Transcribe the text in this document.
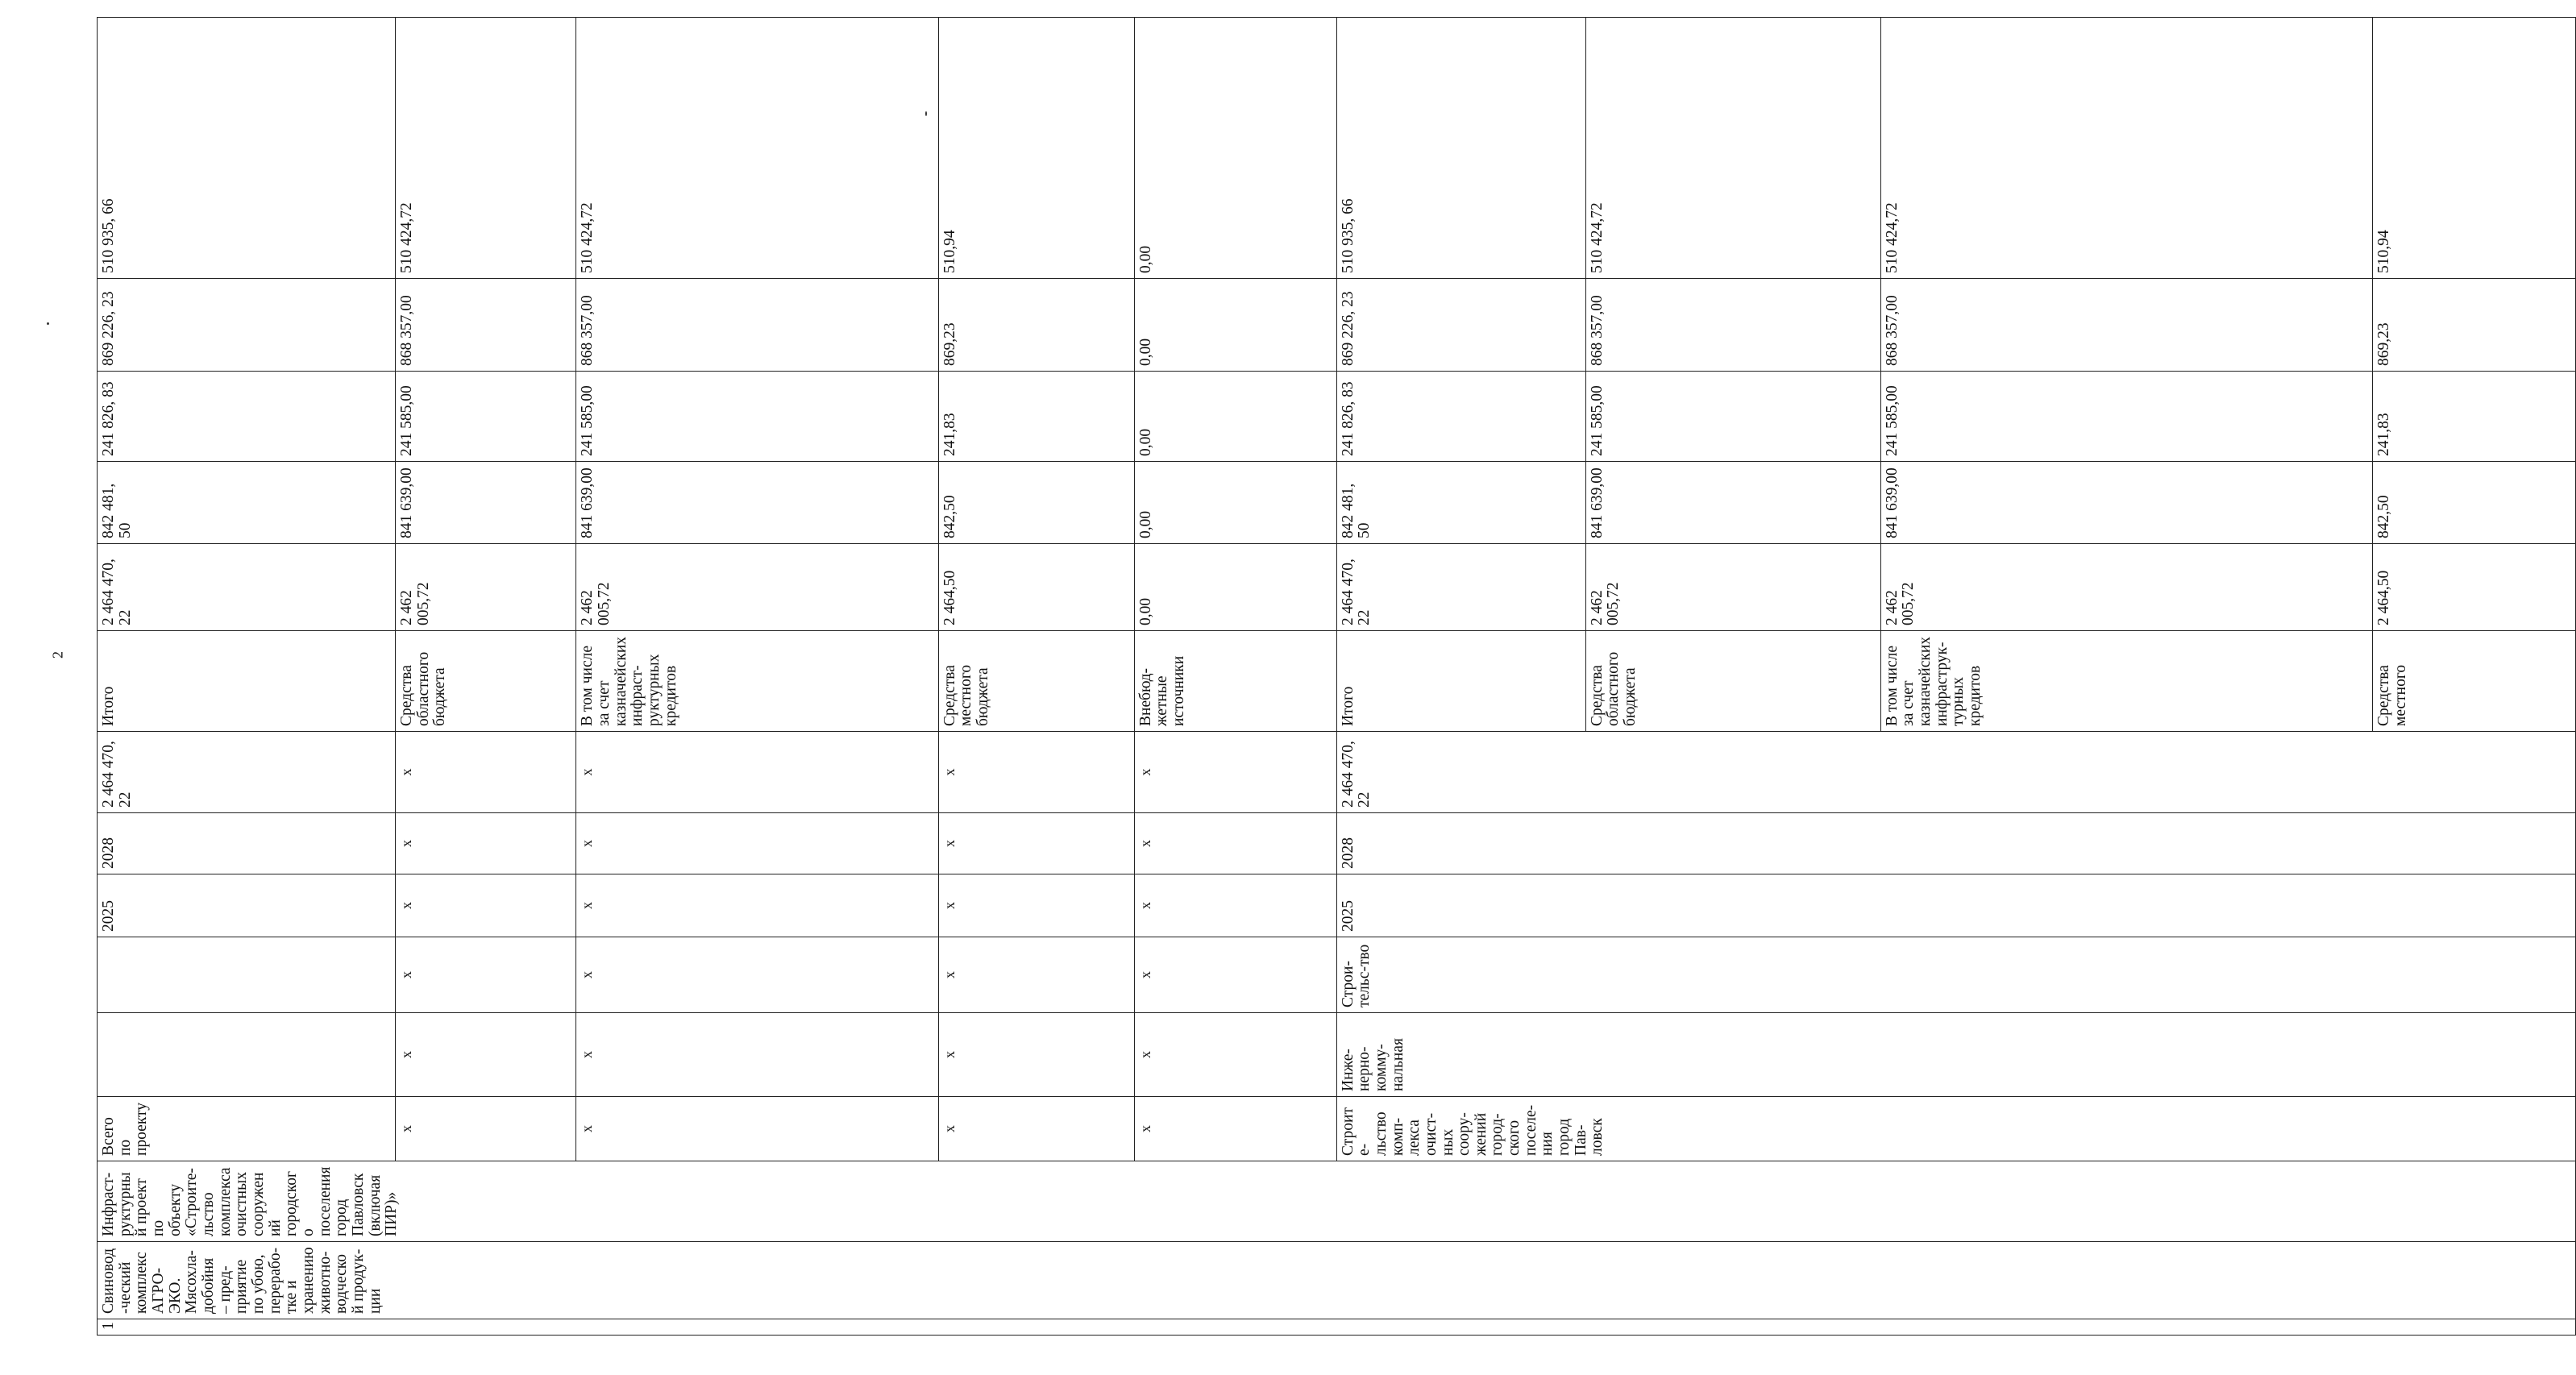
2
1	Свиновод-ческий комплекс АГРО-ЭКО. Мясохла-добойня – пред-приятие по убою, перерабо-тке и хранению животно-водческой продук-ции	Инфраст-руктурный проект по объекту «Строите-льство комплекса очистных сооружений городского поселения город Павловск (включая ПИР)»	Всего по проекту			2025	2028	2 464 470, 22	Итого	2 464 470, 22	842 481, 50	241 826, 83	869 226, 23	510 935, 66	
			x	x	x	x	x	x	Средства областного бюджета	2 462 005,72	841 639,00	241 585,00	868 357,00	510 424,72	
			x	x	x	x	x	x	В том числе за счет казначейских инфраст-руктурных кредитов	2 462 005,72	841 639,00	241 585,00	868 357,00	510 424,72	
			x	x	x	x	x	x	Средства местного бюджета	2 464,50	842,50	241,83	869,23	510,94	
			x	x	x	x	x	x	Внебюд-жетные источники	0,00	0,00	0,00	0,00	0,00	
			Строите-льство комп-лекса очист-ных соору-жений город-ского поселе-ния город Пав-ловск	Инже-нерно-комму-нальная	Строи-тельс-тво	2025	2028	2 464 470, 22	Итого	2 464 470, 22	842 481, 50	241 826, 83	869 226, 23	510 935, 66	
									Средства областного бюджета	2 462 005,72	841 639,00	241 585,00	868 357,00	510 424,72	
									В том числе за счет казначейских инфраструк-турных кредитов	2 462 005,72	841 639,00	241 585,00	868 357,00	510 424,72	
									Средства местного	2 464,50	842,50	241,83	869,23	510,94	
